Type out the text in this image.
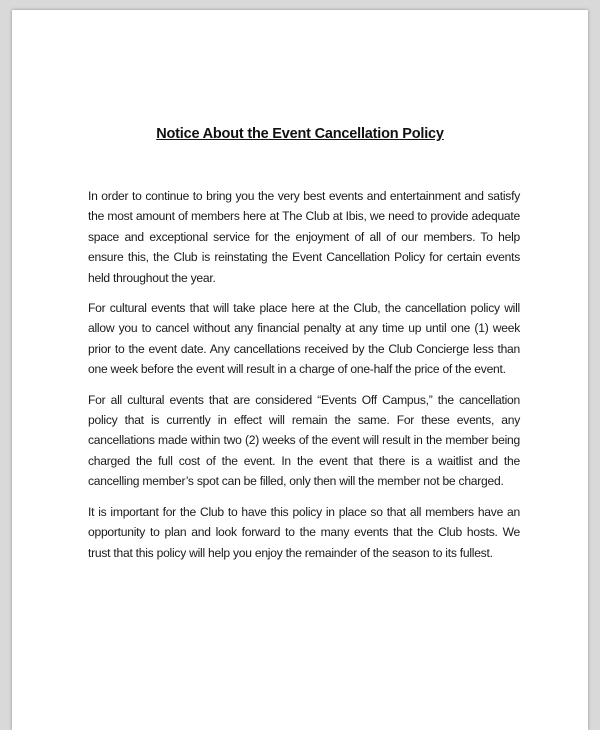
Notice About the Event Cancellation Policy

In order to continue to bring you the very best events and entertainment and satisfy the most amount of members here at The Club at Ibis, we need to provide adequate space and exceptional service for the enjoyment of all of our members. To help ensure this, the Club is reinstating the Event Cancellation Policy for certain events held throughout the year.

For cultural events that will take place here at the Club, the cancellation policy will allow you to cancel without any financial penalty at any time up until one (1) week prior to the event date. Any cancellations received by the Club Concierge less than one week before the event will result in a charge of one-half the price of the event.

For all cultural events that are considered “Events Off Campus,” the cancellation policy that is currently in effect will remain the same. For these events, any cancellations made within two (2) weeks of the event will result in the member being charged the full cost of the event. In the event that there is a waitlist and the cancelling member’s spot can be filled, only then will the member not be charged.

It is important for the Club to have this policy in place so that all members have an opportunity to plan and look forward to the many events that the Club hosts. We trust that this policy will help you enjoy the remainder of the season to its fullest.
